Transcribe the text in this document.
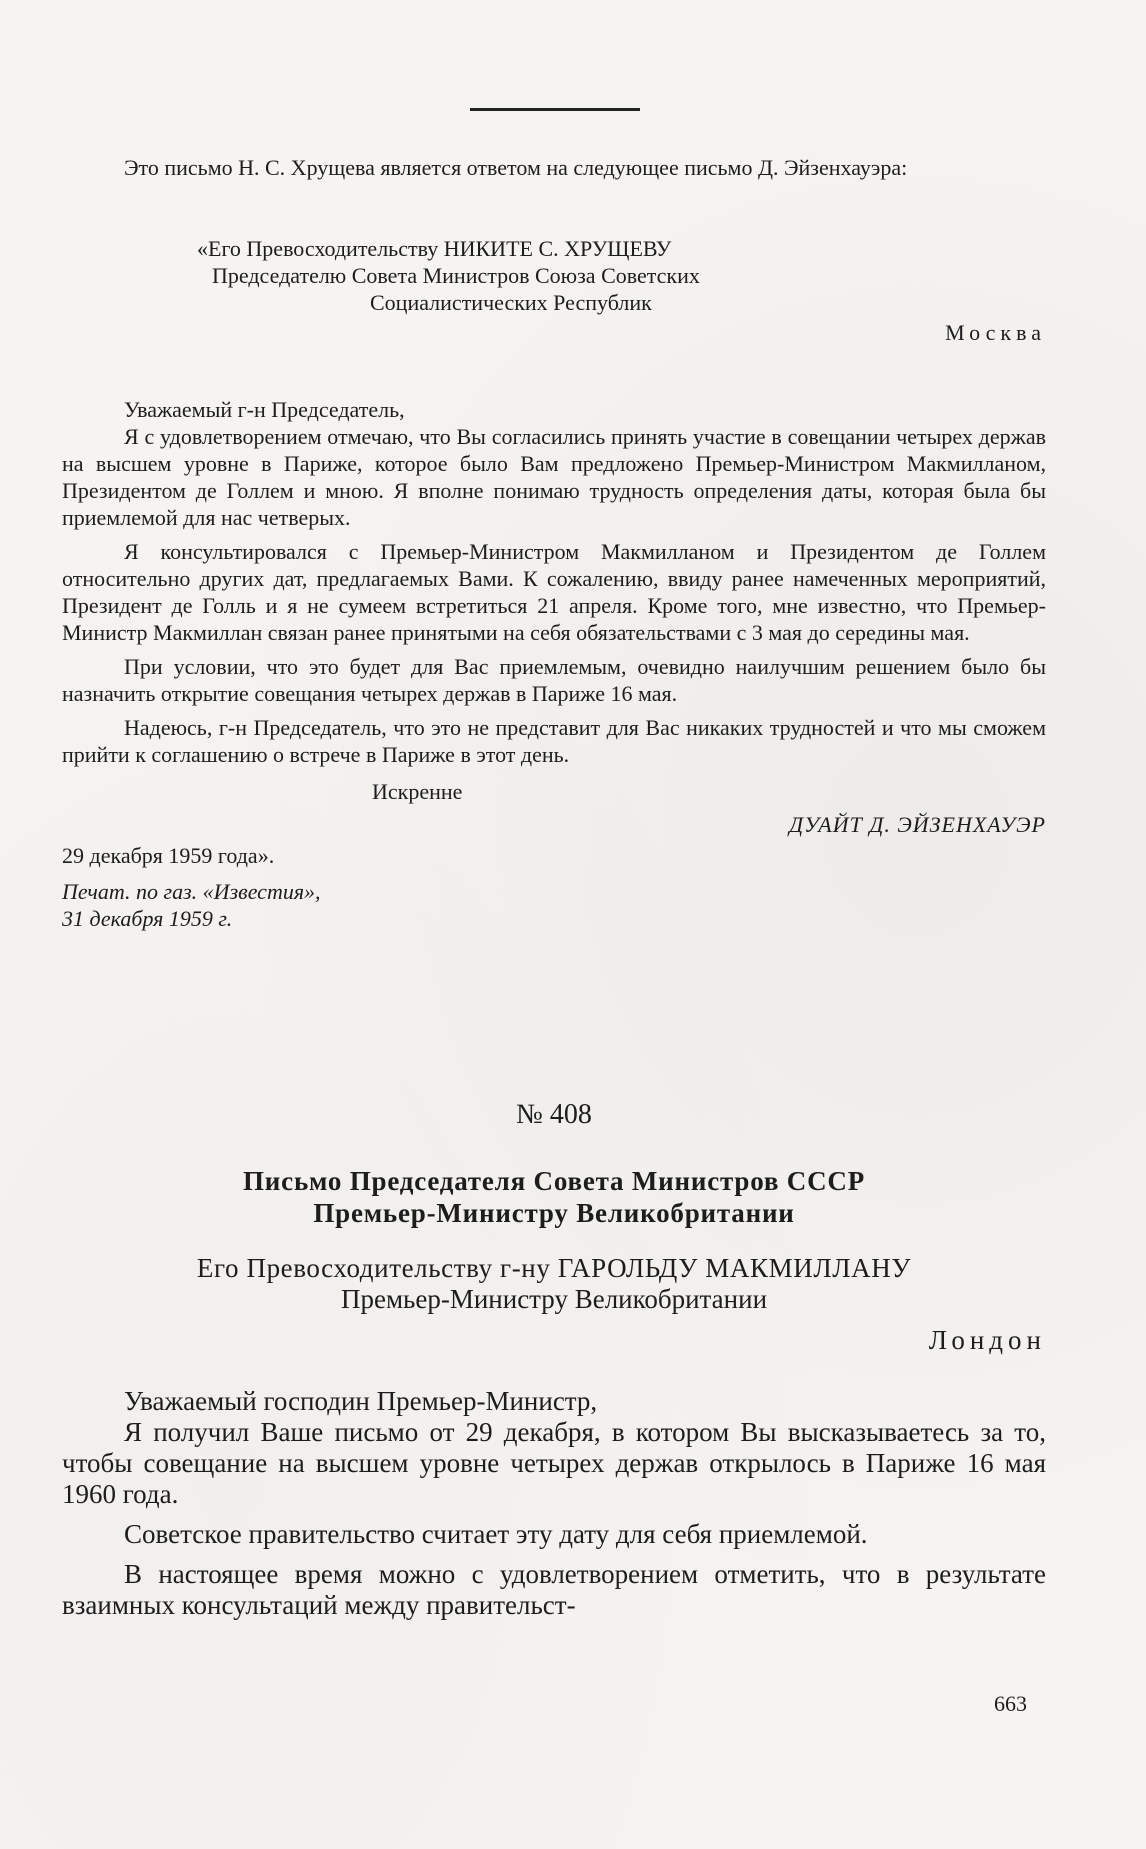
Это письмо Н. С. Хрущева является ответом на следующее письмо Д. Эйзенхауэра:

«Его Превосходительству НИКИТЕ С. ХРУЩЕВУ
Председателю Совета Министров Союза Советских
Социалистических Республик
Москва

Уважаемый г-н Председатель,

Я с удовлетворением отмечаю, что Вы согласились принять участие в совещании четырех держав на высшем уровне в Париже, которое было Вам предложено Премьер-Министром Макмилланом, Президентом де Голлем и мною. Я вполне понимаю трудность определения даты, которая была бы приемлемой для нас четверых.

Я консультировался с Премьер-Министром Макмилланом и Президентом де Голлем относительно других дат, предлагаемых Вами. К сожалению, ввиду ранее намеченных мероприятий, Президент де Голль и я не сумеем встретиться 21 апреля. Кроме того, мне известно, что Премьер-Министр Макмиллан связан ранее принятыми на себя обязательствами с 3 мая до середины мая.

При условии, что это будет для Вас приемлемым, очевидно наилучшим решением было бы назначить открытие совещания четырех держав в Париже 16 мая.

Надеюсь, г-н Председатель, что это не представит для Вас никаких трудностей и что мы сможем прийти к соглашению о встрече в Париже в этот день.

Искренне

ДУАЙТ Д. ЭЙЗЕНХАУЭР

29 декабря 1959 года».

Печат. по газ. «Известия»,

31 декабря 1959 г.

№ 408
Письмо Председателя Совета Министров СССР
Премьер-Министру Великобритании
Его Превосходительству г-ну ГАРОЛЬДУ МАКМИЛЛАНУ
Премьер-Министру Великобритании
Лондон

Уважаемый господин Премьер-Министр,

Я получил Ваше письмо от 29 декабря, в котором Вы высказываетесь за то, чтобы совещание на высшем уровне четырех держав открылось в Париже 16 мая 1960 года.

Советское правительство считает эту дату для себя приемлемой.

В настоящее время можно с удовлетворением отметить, что в результате взаимных консультаций между правительст-

663
